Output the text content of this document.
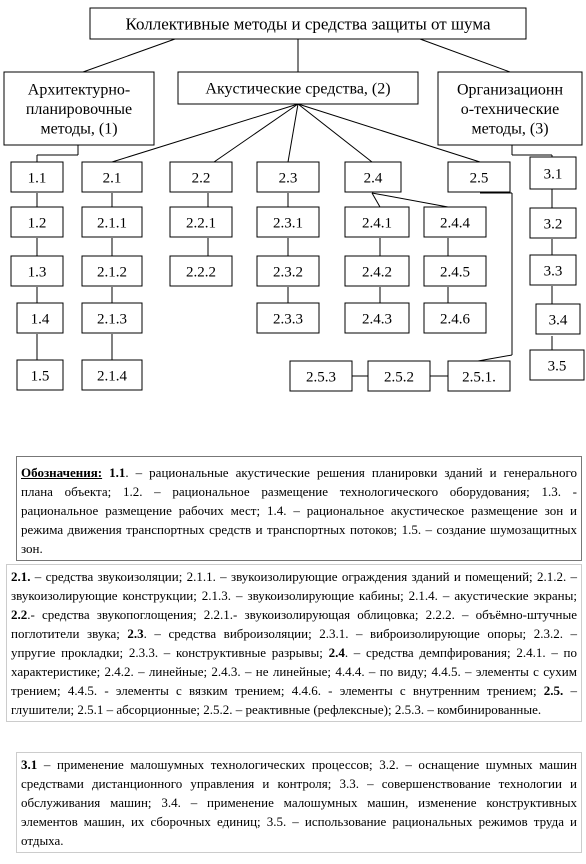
Коллективные методы и средства защиты от шума
Архитектурно-
планировочные
методы, (1)
Акустические средства, (2)	Организационн
о-технические
методы, (3)
1.1
1.2
1.3
1.4
1.5
2.1
2.1.1
2.1.2
2.1.3
2.1.4
2.2
2.2.1
2.2.2
2.3
2.3.1
2.3.2
2.3.3
2.4
2.4.1
2.4.2
2.4.3
2.4.4
2.4.5
2.4.6
2.5
2.5.3	2.5.2	2.5.1.
3.1
3.2
3.3
3.4
3.5
Обозначения: 1.1. – рациональные акустические решения планировки зданий и генерального плана объекта; 1.2. – рациональное размещение технологического оборудования; 1.3. - рациональное размещение рабочих мест; 1.4. – рациональное акустическое размещение зон и режима движения транспортных средств и транспортных потоков; 1.5. – создание шумозащитных зон.
2.1. – средства звукоизоляции; 2.1.1. – звукоизолирующие ограждения зданий и помещений; 2.1.2. – звукоизолирующие конструкции; 2.1.3. – звукоизолирующие кабины; 2.1.4. – акустические экраны; 2.2.- средства звукопоглощения; 2.2.1.- звукоизолирующая облицовка; 2.2.2. – объёмно-штучные поглотители звука; 2.3. – средства виброизоляции; 2.3.1. – виброизолирующие опоры; 2.3.2. – упругие прокладки; 2.3.3. – конструктивные разрывы; 2.4. – средства демпфирования; 2.4.1. – по характеристике; 2.4.2. – линейные; 2.4.3. – не линейные; 4.4.4. – по виду; 4.4.5. – элементы с сухим трением; 4.4.5. - элементы с вязким трением; 4.4.6. - элементы с внутренним трением; 2.5. – глушители; 2.5.1 – абсорционные; 2.5.2. – реактивные (рефлексные); 2.5.3. – комбинированные.
3.1 – применение малошумных технологических процессов; 3.2. – оснащение шумных машин средствами дистанционного управления и контроля; 3.3. – совершенствование технологии и обслуживания машин; 3.4. – применение малошумных машин, изменение конструктивных элементов машин, их сборочных единиц; 3.5. – использование рациональных режимов труда и отдыха.
